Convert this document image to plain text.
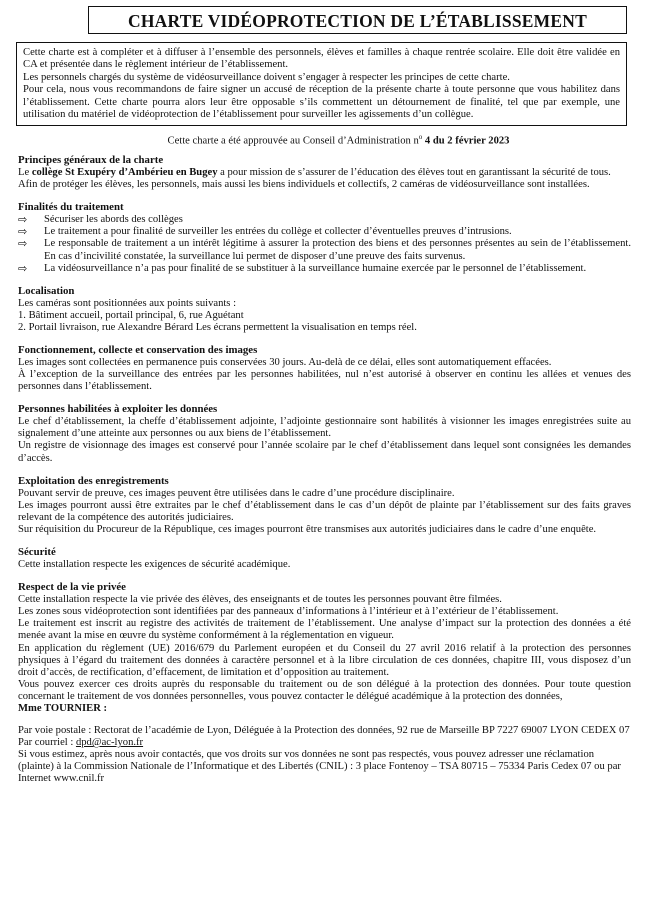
CHARTE VIDÉOPROTECTION DE L’ÉTABLISSEMENT

Cette charte est à compléter et à diffuser à l’ensemble des personnels, élèves et familles à chaque rentrée scolaire. Elle doit être validée en CA et présentée dans le règlement intérieur de l’établissement.

Les personnels chargés du système de vidéosurveillance doivent s’engager à respecter les principes de cette charte.

Pour cela, nous vous recommandons de faire signer un accusé de réception de la présente charte à toute personne que vous habilitez dans l’établissement. Cette charte pourra alors leur être opposable s’ils commettent un détournement de finalité, tel que par exemple, une utilisation du matériel de vidéoprotection de l’établissement pour surveiller les agissements d’un collègue.

Cette charte a été approuvée au Conseil d’Administration $n^o$ 4 du 2 février 2023
Principes généraux de la charte

Le collège St Exupéry d’Ambérieu en Bugey a pour mission de s’assurer de l’éducation des élèves tout en garantissant la sécurité de tous.

Afin de protéger les élèves, les personnels, mais aussi les biens individuels et collectifs, 2 caméras de vidéosurveillance sont installées.

Finalités du traitement
⇨	Sécuriser les abords des collèges
⇨	Le traitement a pour finalité de surveiller les entrées du collège et collecter d’éventuelles preuves d’intrusions.
⇨	Le responsable de traitement a un intérêt légitime à assurer la protection des biens et des personnes présentes au sein de l’établissement. En cas d’incivilité constatée, la surveillance lui permet de disposer d’une preuve des faits survenus.
⇨	La vidéosurveillance n’a pas pour finalité de se substituer à la surveillance humaine exercée par le personnel de l’établissement.
Localisation

Les caméras sont positionnées aux points suivants :

1. Bâtiment accueil, portail principal, 6, rue Aguétant

2. Portail livraison, rue Alexandre Bérard Les écrans permettent la visualisation en temps réel.

Fonctionnement, collecte et conservation des images

Les images sont collectées en permanence puis conservées 30 jours. Au-delà de ce délai, elles sont automatiquement effacées.

À l’exception de la surveillance des entrées par les personnes habilitées, nul n’est autorisé à observer en continu les allées et venues des personnes dans l’établissement.

Personnes habilitées à exploiter les données

Le chef d’établissement, la cheffe d’établissement adjointe, l’adjointe gestionnaire sont habilités à visionner les images enregistrées suite au signalement d’une atteinte aux personnes ou aux biens de l’établissement.

Un registre de visionnage des images est conservé pour l’année scolaire par le chef d’établissement dans lequel sont consignées les demandes d’accès.

Exploitation des enregistrements

Pouvant servir de preuve, ces images peuvent être utilisées dans le cadre d’une procédure disciplinaire.

Les images pourront aussi être extraites par le chef d’établissement dans le cas d’un dépôt de plainte par l’établissement sur des faits graves relevant de la compétence des autorités judiciaires.

Sur réquisition du Procureur de la République, ces images pourront être transmises aux autorités judiciaires dans le cadre d’une enquête.

Sécurité

Cette installation respecte les exigences de sécurité académique.

Respect de la vie privée

Cette installation respecte la vie privée des élèves, des enseignants et de toutes les personnes pouvant être filmées.

Les zones sous vidéoprotection sont identifiées par des panneaux d’informations à l’intérieur et à l’extérieur de l’établissement.

Le traitement est inscrit au registre des activités de traitement de l’établissement. Une analyse d’impact sur la protection des données a été menée avant la mise en œuvre du système conformément à la réglementation en vigueur.

En application du règlement (UE) 2016/679 du Parlement européen et du Conseil du 27 avril 2016 relatif à la protection des personnes physiques à l’égard du traitement des données à caractère personnel et à la libre circulation de ces données, chapitre III, vous disposez d’un droit d’accès, de rectification, d’effacement, de limitation et d’opposition au traitement.

Vous pouvez exercer ces droits auprès du responsable du traitement ou de son délégué à la protection des données. Pour toute question concernant le traitement de vos données personnelles, vous pouvez contacter le délégué académique à la protection des données,

Mme TOURNIER :

Par voie postale : Rectorat de l’académie de Lyon, Déléguée à la Protection des données, 92 rue de Marseille BP 7227 69007 LYON CEDEX 07

Par courriel : dpd@ac-lyon.fr

Si vous estimez, après nous avoir contactés, que vos droits sur vos données ne sont pas respectés, vous pouvez adresser une réclamation (plainte) à la Commission Nationale de l’Informatique et des Libertés (CNIL) : 3 place Fontenoy – TSA 80715 – 75334 Paris Cedex 07 ou par Internet www.cnil.fr
